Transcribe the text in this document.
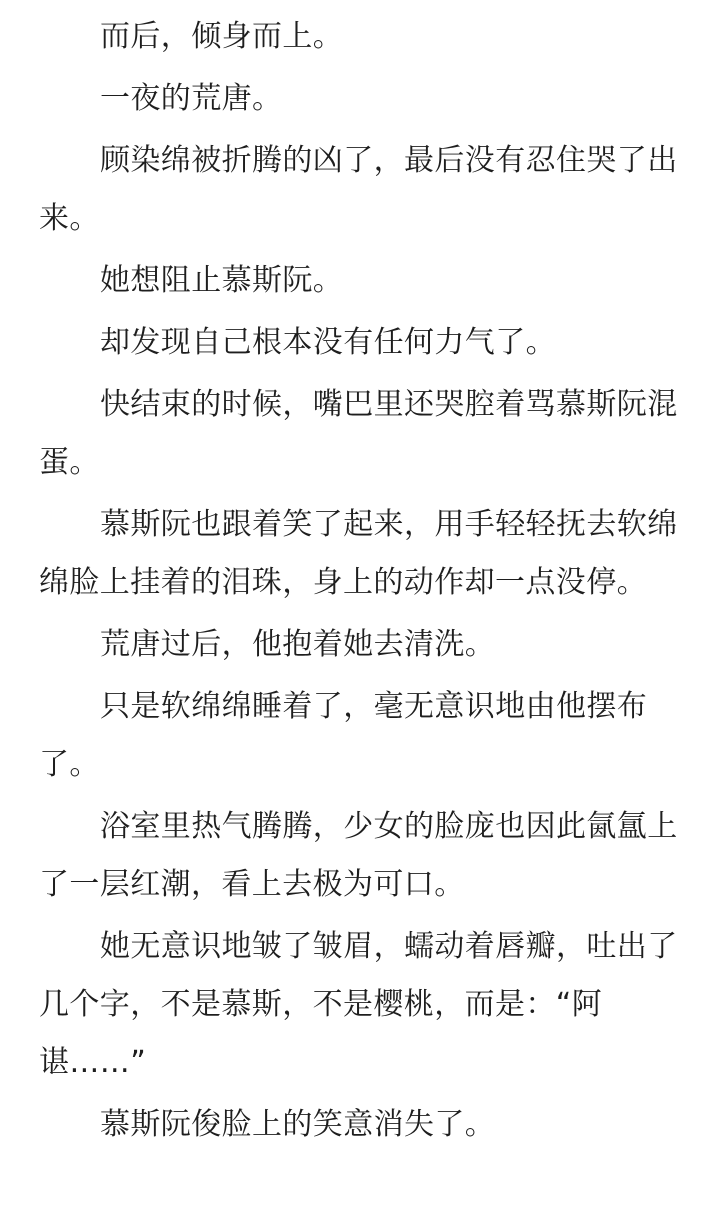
而后，倾身而上。

一夜的荒唐。

顾染绵被折腾的凶了，最后没有忍住哭了出来。

她想阻止慕斯阮。

却发现自己根本没有任何力气了。

快结束的时候，嘴巴里还哭腔着骂慕斯阮混蛋。

慕斯阮也跟着笑了起来，用手轻轻抚去软绵绵脸上挂着的泪珠，身上的动作却一点没停。

荒唐过后，他抱着她去清洗。

只是软绵绵睡着了，毫无意识地由他摆布了。

浴室里热气腾腾，少女的脸庞也因此氤氲上了一层红潮，看上去极为可口。

她无意识地皱了皱眉，蠕动着唇瓣，吐出了几个字，不是慕斯，不是樱桃，而是：“阿谌……”

慕斯阮俊脸上的笑意消失了。
